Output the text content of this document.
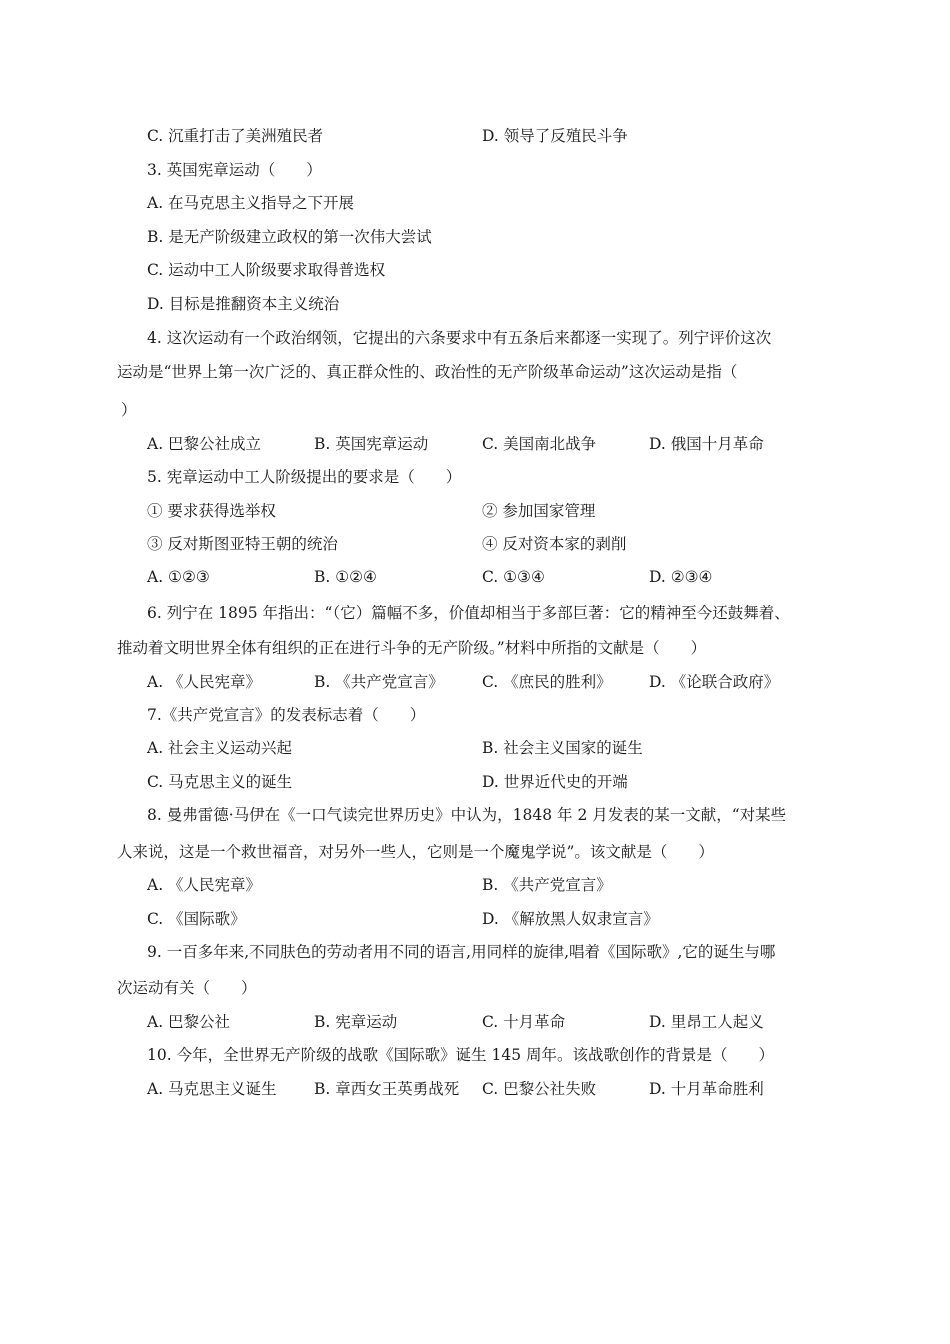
C. 沉重打击了美洲殖民者	D. 领导了反殖民斗争
3. 英国宪章运动（　　）
A. 在马克思主义指导之下开展
B. 是无产阶级建立政权的第一次伟大尝试
C. 运动中工人阶级要求取得普选权
D. 目标是推翻资本主义统治
4. 这次运动有一个政治纲领，它提出的六条要求中有五条后来都逐一实现了。列宁评价这次
运动是“世界上第一次广泛的、真正群众性的、政治性的无产阶级革命运动”这次运动是指（
）
A. 巴黎公社成立	B. 英国宪章运动	C. 美国南北战争	D. 俄国十月革命
5. 宪章运动中工人阶级提出的要求是（　　）
① 要求获得选举权	② 参加国家管理
③ 反对斯图亚特王朝的统治	④ 反对资本家的剥削
A. ①②③	B. ①②④	C. ①③④	D. ②③④
6. 列宁在 1895 年指出：“（它）篇幅不多，价值却相当于多部巨著：它的精神至今还鼓舞着、
推动着文明世界全体有组织的正在进行斗争的无产阶级。”材料中所指的文献是（　　）
A. 《人民宪章》	B. 《共产党宣言》 C. 《庶民的胜利》 D. 《论联合政府》
7.《共产党宣言》的发表标志着（　　）
A. 社会主义运动兴起	B. 社会主义国家的诞生
C. 马克思主义的诞生	D. 世界近代史的开端
8. 曼弗雷德·马伊在《一口气读完世界历史》中认为，1848 年 2 月发表的某一文献，“对某些
人来说，这是一个救世福音，对另外一些人，它则是一个魔鬼学说”。该文献是（　　）
A. 《人民宪章》	B. 《共产党宣言》
C. 《国际歌》	D. 《解放黑人奴隶宣言》
9. 一百多年来,不同肤色的劳动者用不同的语言,用同样的旋律,唱着《国际歌》,它的诞生与哪
次运动有关（　　）
A. 巴黎公社	B. 宪章运动	C. 十月革命	D. 里昂工人起义
10. 今年，全世界无产阶级的战歌《国际歌》诞生 145 周年。该战歌创作的背景是（　　）
A. 马克思主义诞生 B. 章西女王英勇战死 C. 巴黎公社失败	D. 十月革命胜利
